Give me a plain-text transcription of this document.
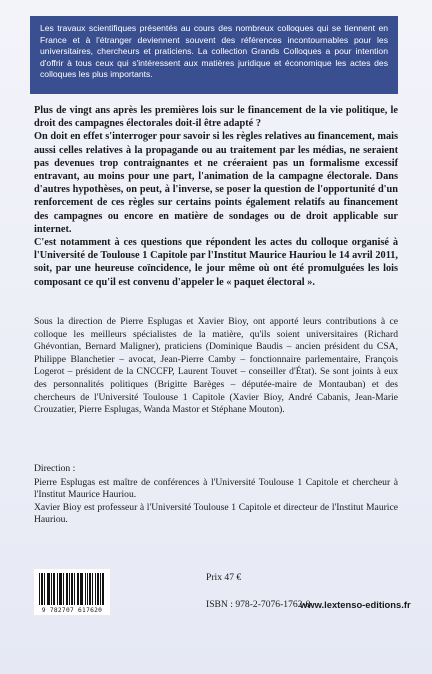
Les travaux scientifiques présentés au cours des nombreux colloques qui se tiennent en France et à l'étranger deviennent souvent des références incontournables pour les universitaires, chercheurs et praticiens. La collection Grands Colloques a pour intention d'offrir à tous ceux qui s'intéressent aux matières juridique et économique les actes des colloques les plus importants.

Plus de vingt ans après les premières lois sur le financement de la vie politique, le droit des campagnes électorales doit-il être adapté ?

On doit en effet s'interroger pour savoir si les règles relatives au financement, mais aussi celles relatives à la propagande ou au traitement par les médias, ne seraient pas devenues trop contraignantes et ne créeraient pas un formalisme excessif entravant, au moins pour une part, l'animation de la campagne électorale. Dans d'autres hypothèses, on peut, à l'inverse, se poser la question de l'opportunité d'un renforcement de ces règles sur certains points également relatifs au financement des campagnes ou encore en matière de sondages ou de droit applicable sur internet.

C'est notamment à ces questions que répondent les actes du colloque organisé à l'Université de Toulouse 1 Capitole par l'Institut Maurice Hauriou le 14 avril 2011, soit, par une heureuse coïncidence, le jour même où ont été promulguées les lois composant ce qu'il est convenu d'appeler le « paquet électoral ».

Sous la direction de Pierre Esplugas et Xavier Bioy, ont apporté leurs contributions à ce colloque les meilleurs spécialistes de la matière, qu'ils soient universitaires (Richard Ghévontian, Bernard Maligner), praticiens (Dominique Baudis – ancien président du CSA, Philippe Blanchetier – avocat, Jean-Pierre Camby – fonctionnaire parlementaire, François Logerot – président de la CNCCFP, Laurent Touvet – conseiller d'État). Se sont joints à eux des personnalités politiques (Brigitte Barèges – députée-maire de Montauban) et des chercheurs de l'Université Toulouse 1 Capitole (Xavier Bioy, André Cabanis, Jean-Marie Crouzatier, Pierre Esplugas, Wanda Mastor et Stéphane Mouton).

Direction :

Pierre Esplugas est maître de conférences à l'Université Toulouse 1 Capitole et chercheur à l'Institut Maurice Hauriou.

Xavier Bioy est professeur à l'Université Toulouse 1 Capitole et directeur de l'Institut Maurice Hauriou.

9 782707 617620
Prix 47 €
ISBN : 978-2-7076-1762-0
www.lextenso-editions.fr
